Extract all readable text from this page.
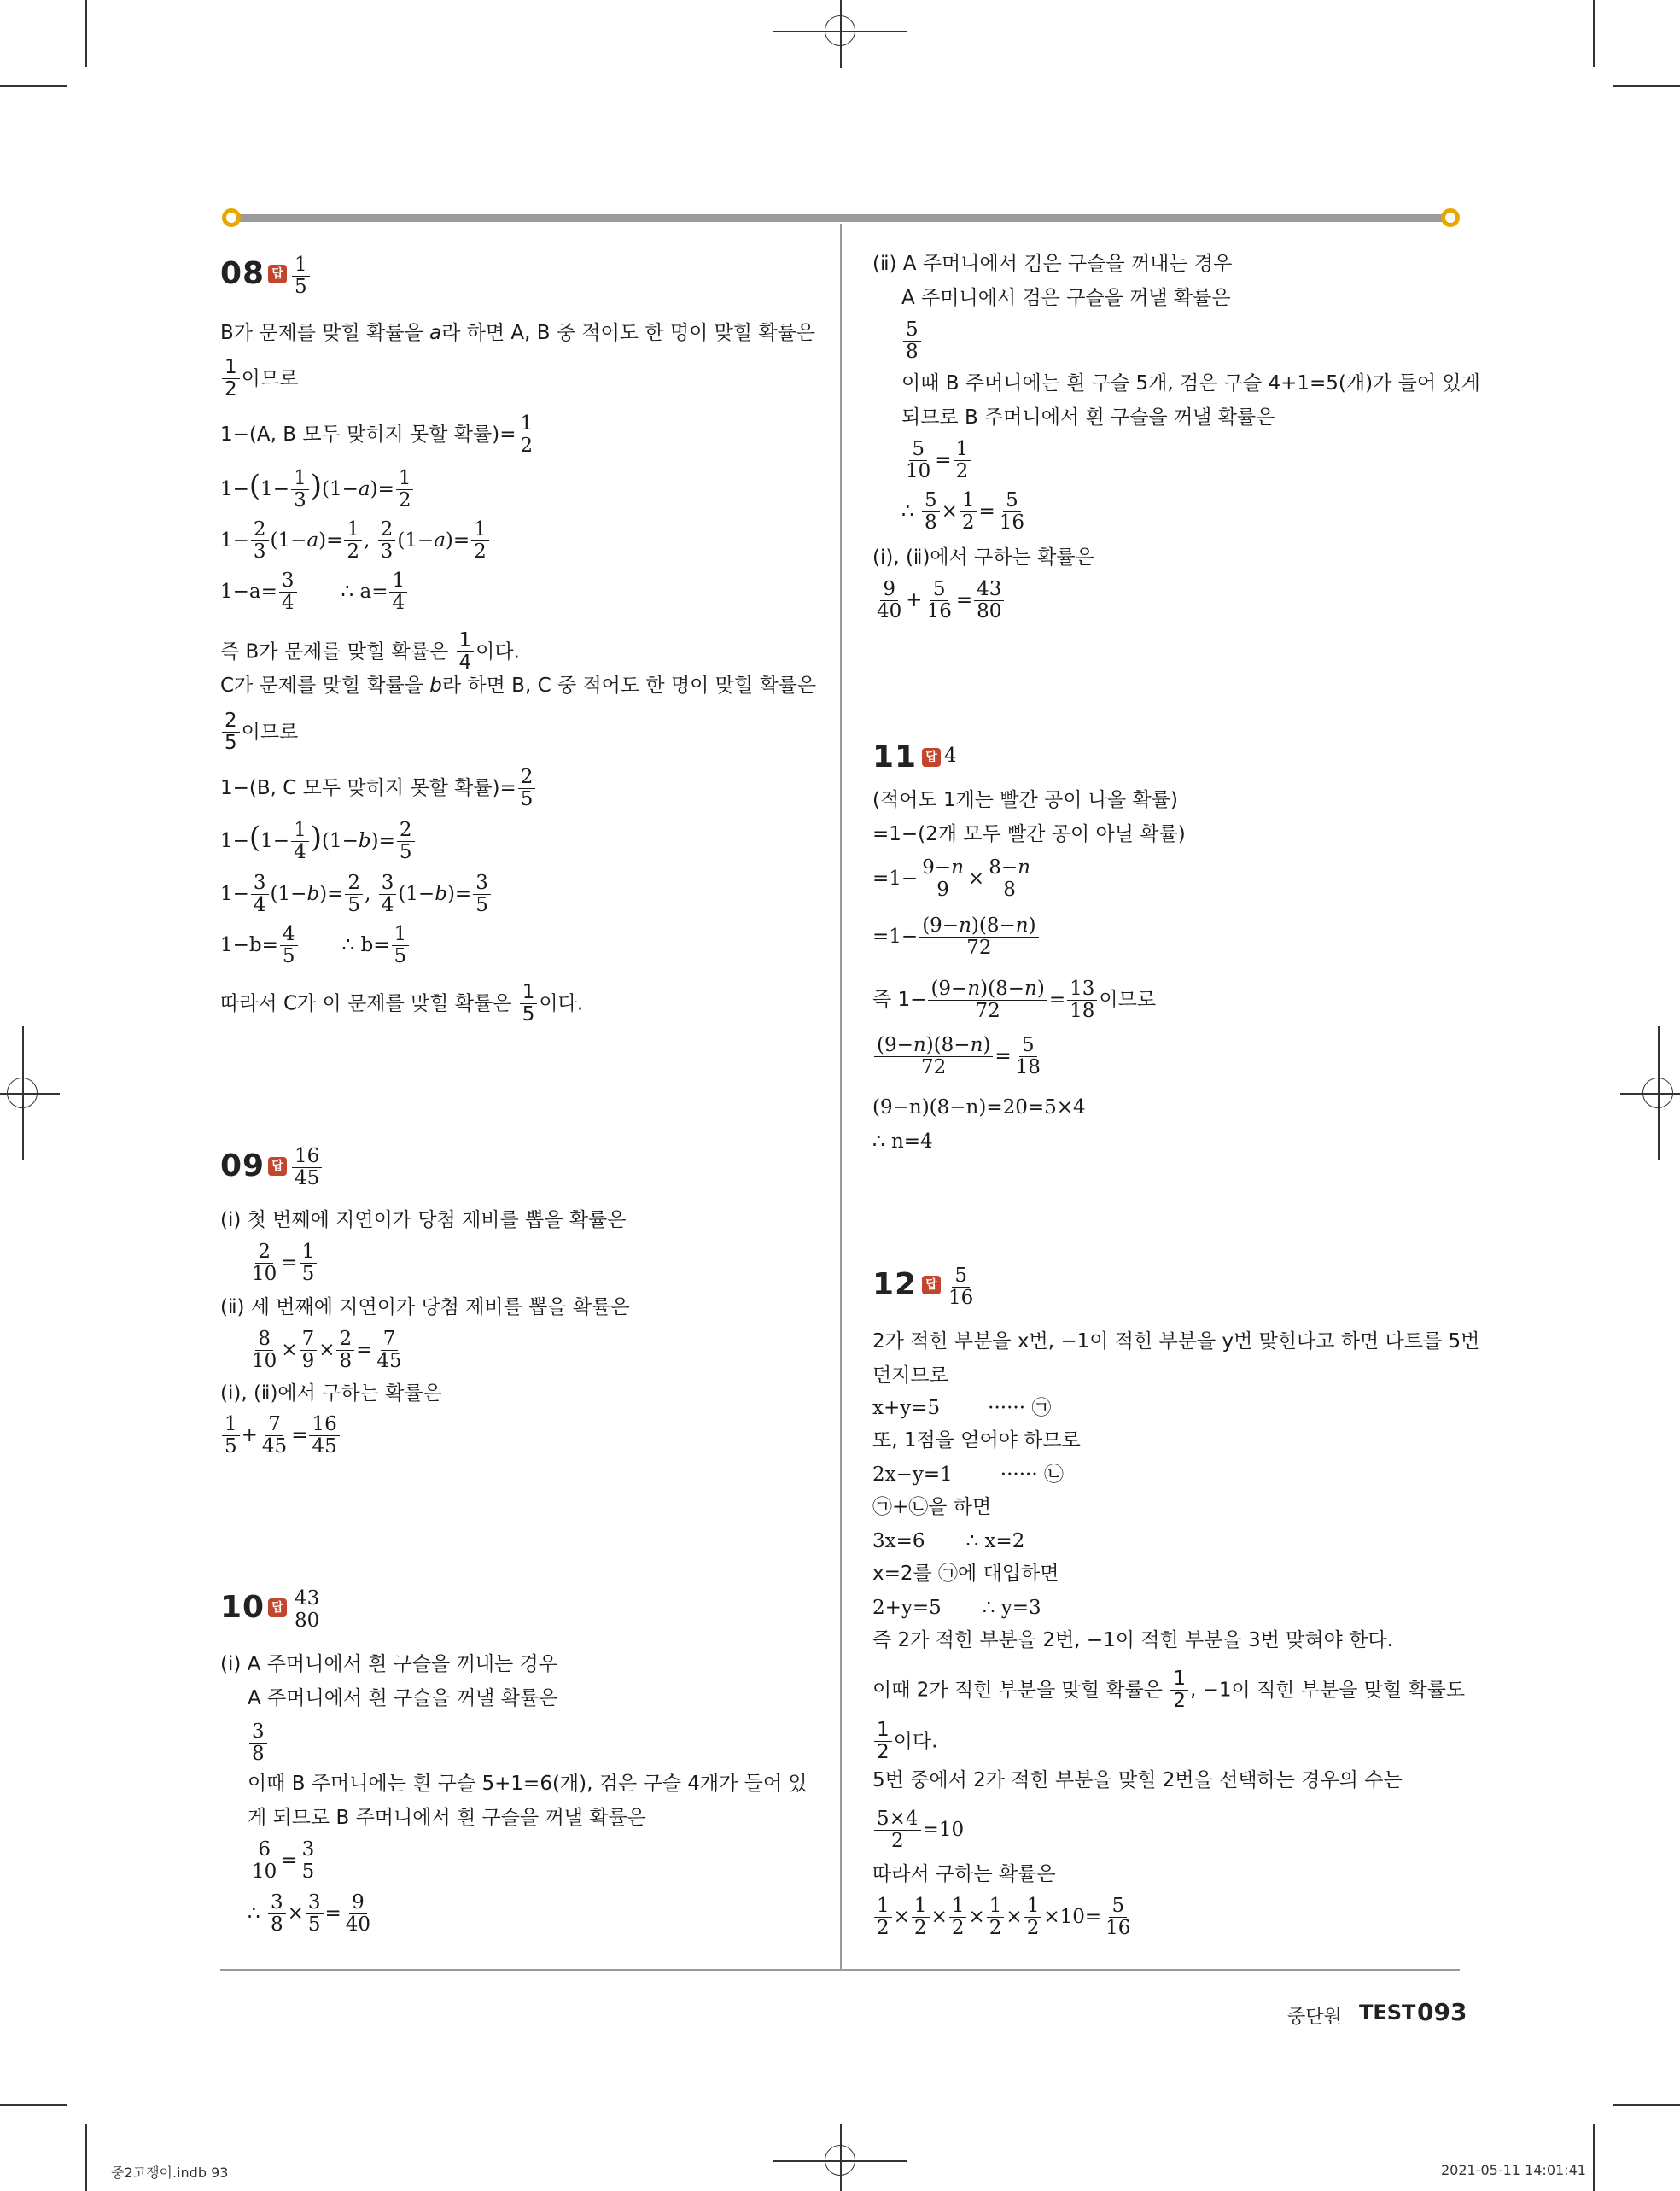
08 답 $\frac{1}{5}$
B가 문제를 맞힐 확률을 a라 하면 A, B 중 적어도 한 명이 맞힐 확률은
$\frac{1}{2}$ 이므로
1−(A, B 모두 맞히지 못할 확률)= $\frac{1}{2}$
$1-(1- \frac{1}{3} )(1-a)= \frac{1}{2}$
$1- \frac{2}{3} (1-a)= \frac{1}{2}$ , $\frac{2}{3} (1-a)= \frac{1}{2}$
$1-a= \frac{3}{4}$ ∴ $a= \frac{1}{4}$
즉 B가 문제를 맞힐 확률은 $\frac{1}{4}$ 이다.
C가 문제를 맞힐 확률을 b라 하면 B, C 중 적어도 한 명이 맞힐 확률은
$\frac{2}{5}$ 이므로
1−(B, C 모두 맞히지 못할 확률)= $\frac{2}{5}$
$1-(1- \frac{1}{4} )(1-b)= \frac{2}{5}$
$1- \frac{3}{4} (1-b)= \frac{2}{5}$ , $\frac{3}{4} (1-b)= \frac{3}{5}$
$1-b= \frac{4}{5}$ ∴ $b= \frac{1}{5}$
따라서 C가 이 문제를 맞힐 확률은 $\frac{1}{5}$ 이다.
09 답 $\frac{16}{45}$
(ⅰ) 첫 번째에 지연이가 당첨 제비를 뽑을 확률은
$\frac{2}{10} = \frac{1}{5}$
(ⅱ) 세 번째에 지연이가 당첨 제비를 뽑을 확률은
$\frac{8}{10} \times \frac{7}{9} \times \frac{2}{8} = \frac{7}{45}$
(ⅰ), (ⅱ)에서 구하는 확률은
$\frac{1}{5} + \frac{7}{45} = \frac{16}{45}$
10 답 $\frac{43}{80}$
(ⅰ) A 주머니에서 흰 구슬을 꺼내는 경우
A 주머니에서 흰 구슬을 꺼낼 확률은
$\frac{3}{8}$
이때 B 주머니에는 흰 구슬 5+1=6(개), 검은 구슬 4개가 들어 있
게 되므로 B 주머니에서 흰 구슬을 꺼낼 확률은
$\frac{6}{10} = \frac{3}{5}$
∴ $\frac{3}{8} \times \frac{3}{5} = \frac{9}{40}$
(ⅱ) A 주머니에서 검은 구슬을 꺼내는 경우
A 주머니에서 검은 구슬을 꺼낼 확률은
$\frac{5}{8}$
이때 B 주머니에는 흰 구슬 5개, 검은 구슬 4+1=5(개)가 들어 있게
되므로 B 주머니에서 흰 구슬을 꺼낼 확률은
$\frac{5}{10} = \frac{1}{2}$
∴ $\frac{5}{8} \times \frac{1}{2} = \frac{5}{16}$
(ⅰ), (ⅱ)에서 구하는 확률은
$\frac{9}{40} + \frac{5}{16} = \frac{43}{80}$
11 답 4
(적어도 1개는 빨간 공이 나올 확률)
=1−(2개 모두 빨간 공이 아닐 확률)
$=1- \frac{9-n}{9} \times \frac{8-n}{8}$
$=1- \frac{(9-n)(8-n)}{72}$
즉 $1- \frac{(9-n)(8-n)}{72} = \frac{13}{18}$ 이므로
$\frac{(9-n)(8-n)}{72} = \frac{5}{18}$
(9−n)(8−n)=20=5×4
∴ n=4
12 답 $\frac{5}{16}$
2가 적힌 부분을 x번, −1이 적힌 부분을 y번 맞힌다고 하면 다트를 5번
던지므로
x+y=5 ······ ㉠
또, 1점을 얻어야 하므로
2x−y=1 ······ ㉡
㉠+㉡을 하면
3x=6 ∴ x=2
x=2를 ㉠에 대입하면
2+y=5 ∴ y=3
즉 2가 적힌 부분을 2번, −1이 적힌 부분을 3번 맞혀야 한다.
이때 2가 적힌 부분을 맞힐 확률은 $\frac{1}{2}$ , −1이 적힌 부분을 맞힐 확률도
$\frac{1}{2}$ 이다.
5번 중에서 2가 적힌 부분을 맞힐 2번을 선택하는 경우의 수는
$\frac{5\times 4}{2} =10$
따라서 구하는 확률은
$\frac{1}{2} \times \frac{1}{2} \times \frac{1}{2} \times \frac{1}{2} \times \frac{1}{2} \times 10= \frac{5}{16}$
중단원 TEST 093
중2고쟁이.indb 93	2021-05-11 14:01:41
